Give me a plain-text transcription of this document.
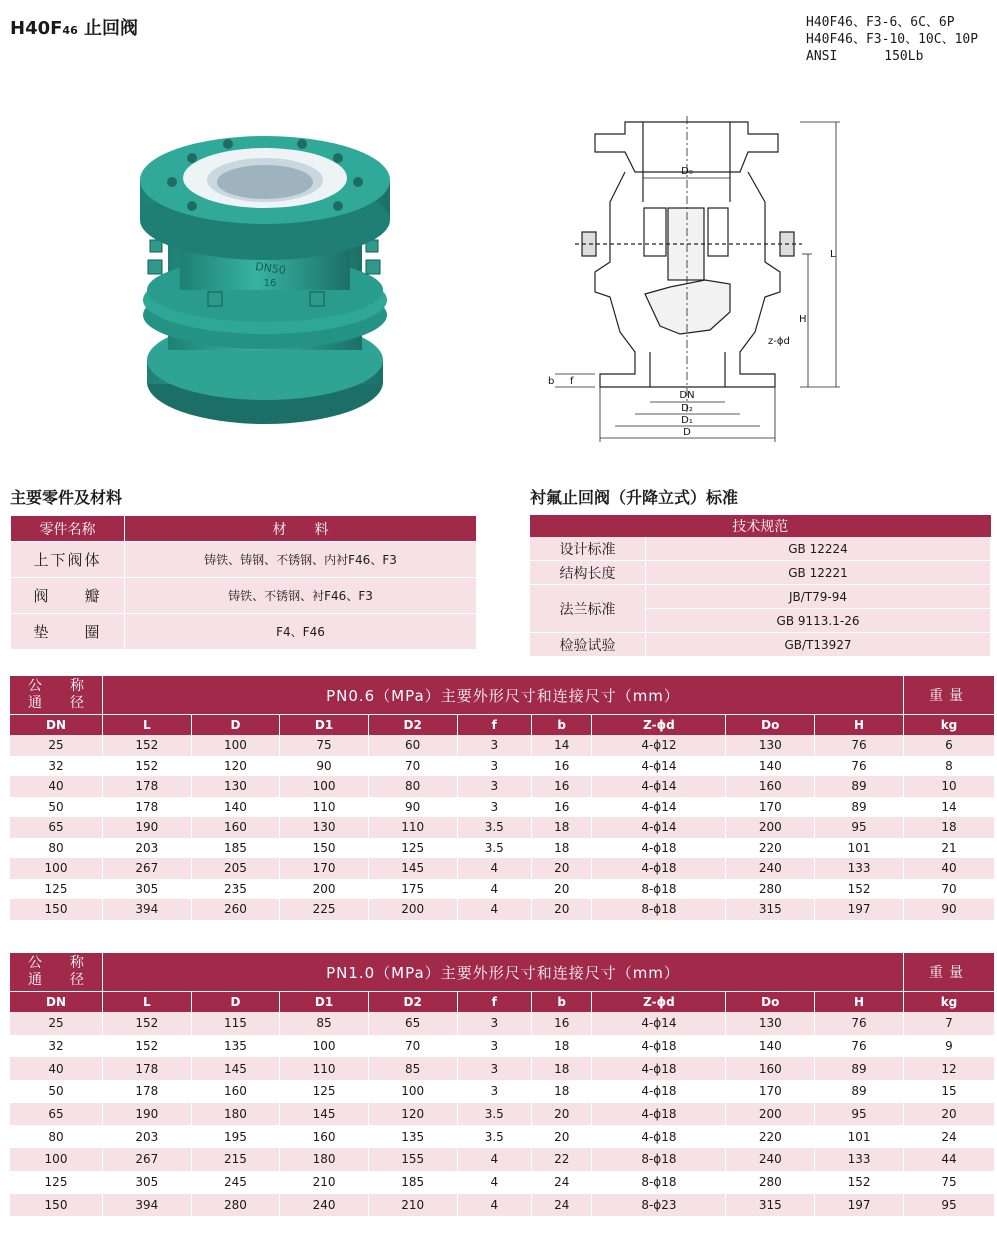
H40F46 止回阀	H40F46、F3-6、6C、6P
H40F46、F3-10、10C、10P
ANSI      150Lb
DN50
16
D₀
DN
D₂
D₁
D
L
H
z-ϕd
b f
主要零件及材料	衬氟止回阀（升降立式）标准
零件名称	材　　料
上下阀体	铸铁、铸钢、不锈钢、内衬F46、F3
阀　　瓣	铸铁、不锈钢、衬F46、F3
垫　　圈	F4、F46
技术规范	
设计标准	GB 12224
结构长度	GB 12221
法兰标准	JB/T79-94
	GB 9113.1-26
检验试验	GB/T13927
公　　称
通　　径	PN0.6（MPa）主要外形尺寸和连接尺寸（mm）									重量
DN	L	D	D1	D2	f	b	Z-ϕd	Do	H	kg
25	152	100	75	60	3	14	4-ϕ12	130	76	6
32	152	120	90	70	3	16	4-ϕ14	140	76	8
40	178	130	100	80	3	16	4-ϕ14	160	89	10
50	178	140	110	90	3	16	4-ϕ14	170	89	14
65	190	160	130	110	3.5	18	4-ϕ14	200	95	18
80	203	185	150	125	3.5	18	4-ϕ18	220	101	21
100	267	205	170	145	4	20	4-ϕ18	240	133	40
125	305	235	200	175	4	20	8-ϕ18	280	152	70
150	394	260	225	200	4	20	8-ϕ18	315	197	90
公　　称
通　　径	PN1.0（MPa）主要外形尺寸和连接尺寸（mm）									重量
DN	L	D	D1	D2	f	b	Z-ϕd	Do	H	kg
25	152	115	85	65	3	16	4-ϕ14	130	76	7
32	152	135	100	70	3	18	4-ϕ18	140	76	9
40	178	145	110	85	3	18	4-ϕ18	160	89	12
50	178	160	125	100	3	18	4-ϕ18	170	89	15
65	190	180	145	120	3.5	20	4-ϕ18	200	95	20
80	203	195	160	135	3.5	20	4-ϕ18	220	101	24
100	267	215	180	155	4	22	8-ϕ18	240	133	44
125	305	245	210	185	4	24	8-ϕ18	280	152	75
150	394	280	240	210	4	24	8-ϕ23	315	197	95
